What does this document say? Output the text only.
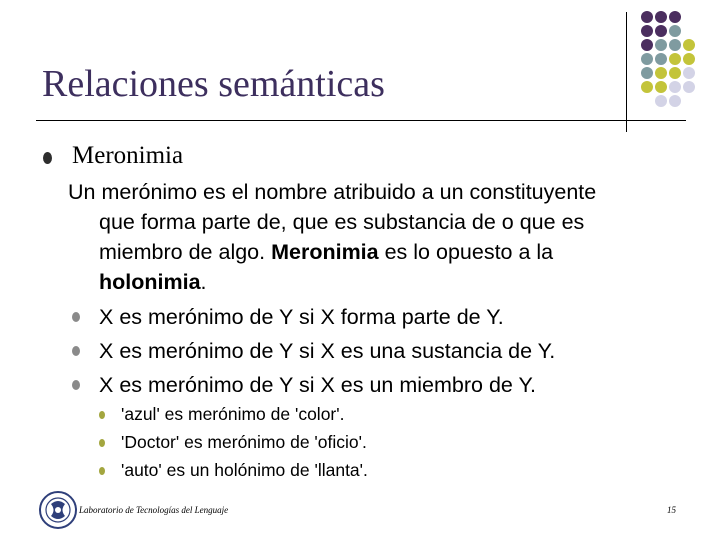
Relaciones semánticas
Meronimia
Un merónimo es el nombre atribuido a un constituyente
que forma parte de, que es substancia de o que es
miembro de algo. Meronimia es lo opuesto a la
holonimia.
X es merónimo de Y si X forma parte de Y.
X es merónimo de Y si X es una sustancia de Y.
X es merónimo de Y si X es un miembro de Y.
'azul' es merónimo de 'color'.
'Doctor' es merónimo de 'oficio'.
'auto' es un holónimo de 'llanta'.
Laboratorio de Tecnologías del Lenguaje	15
